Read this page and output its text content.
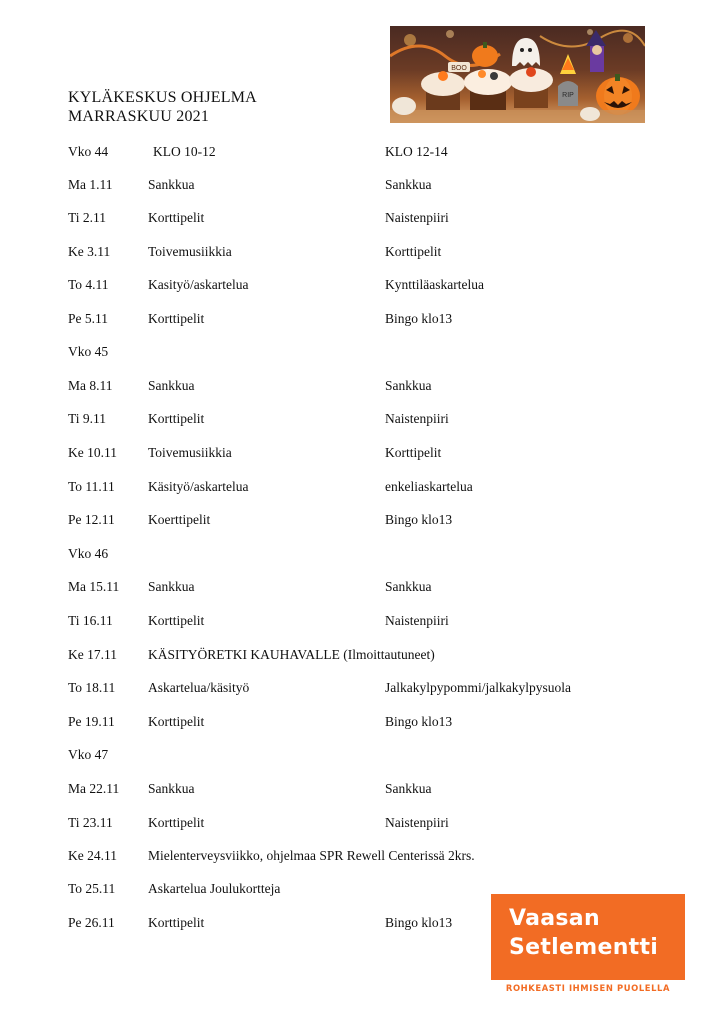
BOO
RIP
KYLÄKESKUS OHJELMA
MARRASKUU 2021
Vko 44	KLO 10-12	KLO 12-14
Ma 1.11	Sankkua	Sankkua
Ti 2.11	Korttipelit	Naistenpiiri
Ke 3.11	Toivemusiikkia	Korttipelit
To 4.11	Kasityö/askartelua	Kynttiläaskartelua
Pe 5.11	Korttipelit	Bingo klo13
Vko 45
Ma 8.11	Sankkua	Sankkua
Ti 9.11	Korttipelit	Naistenpiiri
Ke 10.11 Toivemusiikkia	Korttipelit
To 11.11 Käsityö/askartelua	enkeliaskartelua
Pe 12.11 Koerttipelit	Bingo klo13
Vko 46
Ma 15.11 Sankkua	Sankkua
Ti 16.11	Korttipelit	Naistenpiiri
Ke 17.11 KÄSITYÖRETKI KAUHAVALLE (Ilmoittautuneet)
To 18.11 Askartelua/käsityö	Jalkakylpypommi/jalkakylpysuola
Pe 19.11 Korttipelit	Bingo klo13
Vko 47
Ma 22.11 Sankkua	Sankkua
Ti 23.11	Korttipelit	Naistenpiiri
Ke 24.11 Mielenterveysviikko, ohjelmaa SPR Rewell Centerissä 2krs.
To 25.11 Askartelua Joulukortteja
Pe 26.11 Korttipelit	Bingo klo13	Vaasan
Setlementti
ROHKEASTI IHMISEN PUOLELLA
